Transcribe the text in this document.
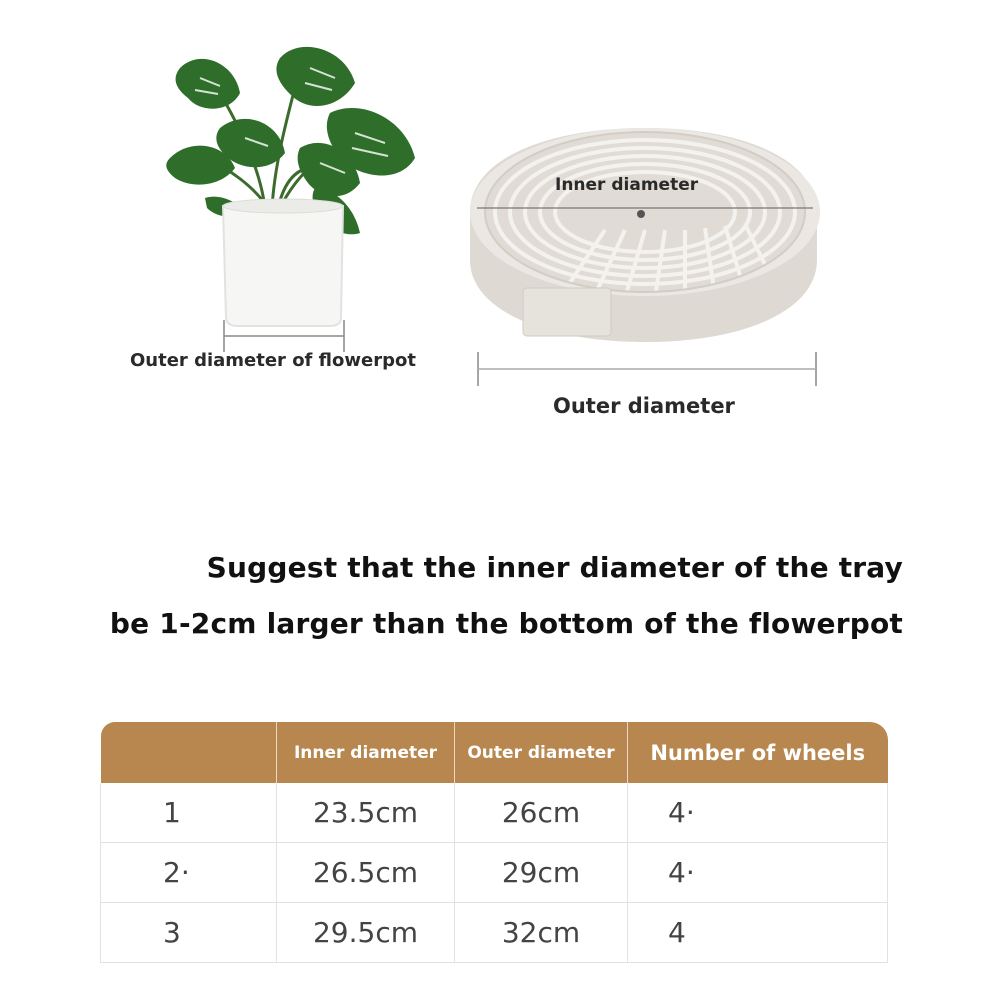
Outer diameter of flowerpot
Inner diameter
Outer diameter
Suggest that the inner diameter of the tray
be 1-2cm larger than the bottom of the flowerpot
	Inner diameter	Outer diameter	Number of wheels
1	23.5cm	26cm	4·
2·	26.5cm	29cm	4·
3	29.5cm	32cm	4
